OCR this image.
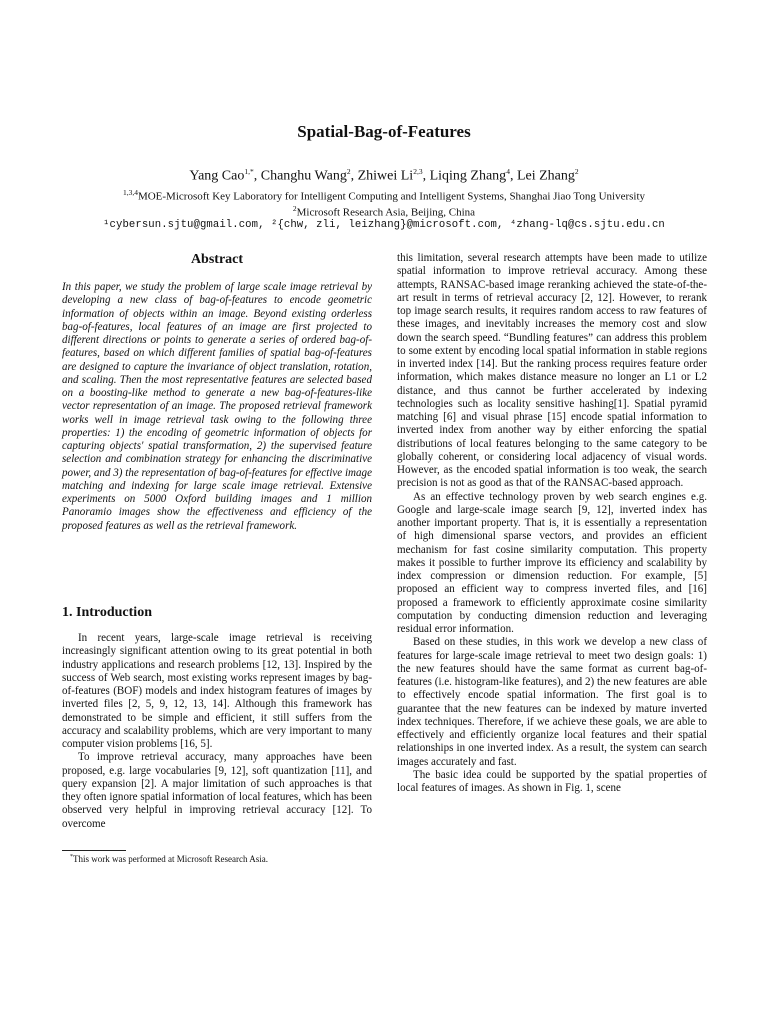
Spatial-Bag-of-Features
Yang Cao$^{1,*}$, Changhu Wang$^2$, Zhiwei Li$^{2,3}$, Liqing Zhang$^4$, Lei Zhang$^2$
$^{1,3,4}$MOE-Microsoft Key Laboratory for Intelligent Computing and Intelligent Systems, Shanghai Jiao Tong University
$^2$Microsoft Research Asia, Beijing, China
¹cybersun.sjtu@gmail.com, ²{chw, zli, leizhang}@microsoft.com, ⁴zhang-lq@cs.sjtu.edu.cn
Abstract

In this paper, we study the problem of large scale image retrieval by developing a new class of bag-of-features to encode geometric information of objects within an image. Beyond existing orderless bag-of-features, local features of an image are first projected to different directions or points to generate a series of ordered bag-of-features, based on which different families of spatial bag-of-features are designed to capture the invariance of object translation, rotation, and scaling. Then the most representative features are selected based on a boosting-like method to generate a new bag-of-features-like vector representation of an image. The proposed retrieval framework works well in image retrieval task owing to the following three properties: 1) the encoding of geometric information of objects for capturing objects' spatial transformation, 2) the supervised feature selection and combination strategy for enhancing the discriminative power, and 3) the representation of bag-of-features for effective image matching and indexing for large scale image retrieval. Extensive experiments on 5000 Oxford building images and 1 million Panoramio images show the effectiveness and efficiency of the proposed features as well as the retrieval framework.

1. Introduction

In recent years, large-scale image retrieval is receiving increasingly significant attention owing to its great potential in both industry applications and research problems [12, 13]. Inspired by the success of Web search, most existing works represent images by bag-of-features (BOF) models and index histogram features of images by inverted files [2, 5, 9, 12, 13, 14]. Although this framework has demonstrated to be simple and efficient, it still suffers from the accuracy and scalability problems, which are very important to many computer vision problems [16, 5].

To improve retrieval accuracy, many approaches have been proposed, e.g. large vocabularies [9, 12], soft quantization [11], and query expansion [2]. A major limitation of such approaches is that they often ignore spatial information of local features, which has been observed very helpful in improving retrieval accuracy [12]. To overcome

this limitation, several research attempts have been made to utilize spatial information to improve retrieval accuracy. Among these attempts, RANSAC-based image reranking achieved the state-of-the-art result in terms of retrieval accuracy [2, 12]. However, to rerank top image search results, it requires random access to raw features of these images, and inevitably increases the memory cost and slow down the search speed. “Bundling features” can address this problem to some extent by encoding local spatial information in stable regions in inverted index [14]. But the ranking process requires feature order information, which makes distance measure no longer an L1 or L2 distance, and thus cannot be further accelerated by indexing technologies such as locality sensitive hashing[1]. Spatial pyramid matching [6] and visual phrase [15] encode spatial information to inverted index from another way by either enforcing the spatial distributions of local features belonging to the same category to be globally coherent, or considering local adjacency of visual words. However, as the encoded spatial information is too weak, the search precision is not as good as that of the RANSAC-based approach.

As an effective technology proven by web search engines e.g. Google and large-scale image search [9, 12], inverted index has another important property. That is, it is essentially a representation of high dimensional sparse vectors, and provides an efficient mechanism for fast cosine similarity computation. This property makes it possible to further improve its efficiency and scalability by index compression or dimension reduction. For example, [5] proposed an efficient way to compress inverted files, and [16] proposed a framework to efficiently approximate cosine similarity computation by conducting dimension reduction and leveraging residual error information.

Based on these studies, in this work we develop a new class of features for large-scale image retrieval to meet two design goals: 1) the new features should have the same format as current bag-of-features (i.e. histogram-like features), and 2) the new features are able to effectively encode spatial information. The first goal is to guarantee that the new features can be indexed by mature inverted index techniques. Therefore, if we achieve these goals, we are able to effectively and efficiently organize local features and their spatial relationships in one inverted index. As a result, the system can search images accurately and fast.

The basic idea could be supported by the spatial properties of local features of images. As shown in Fig. 1, scene

*This work was performed at Microsoft Research Asia.
